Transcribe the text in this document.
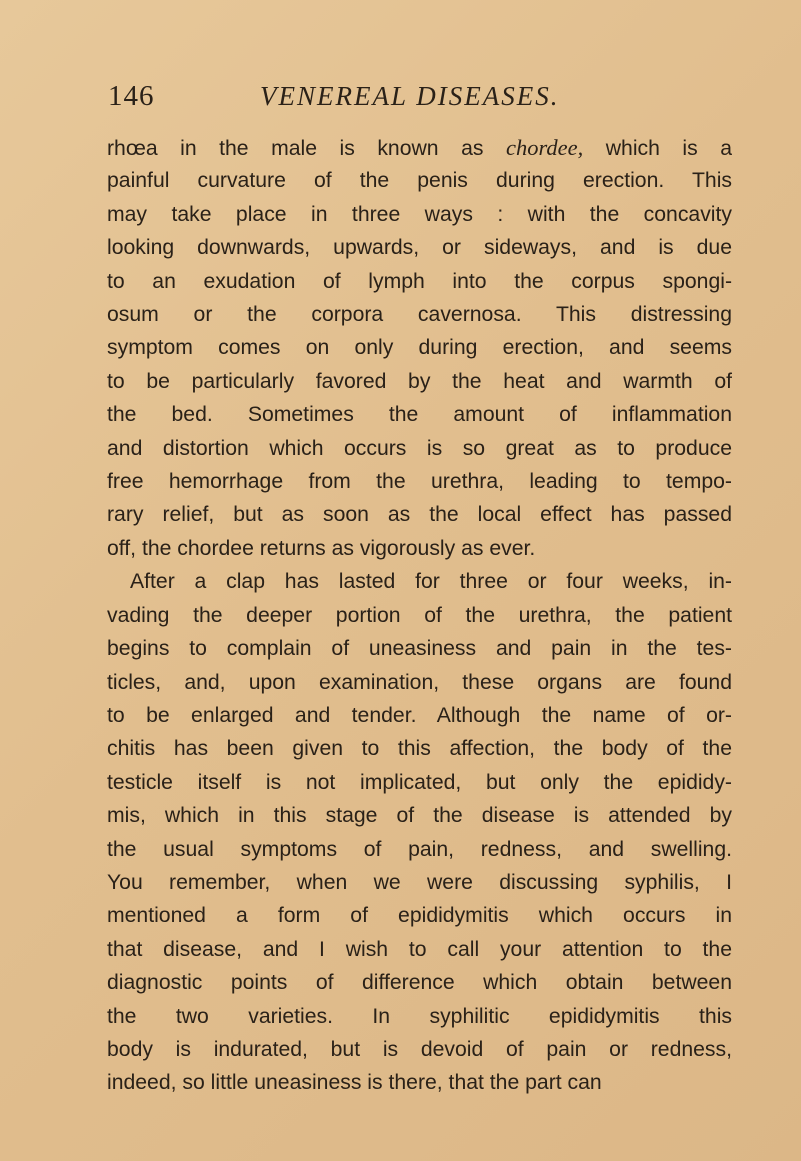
146	VENEREAL DISEASES.
rhœa in the male is known as chordee, which is a
painful curvature of the penis during erection. This
may take place in three ways : with the concavity
looking downwards, upwards, or sideways, and is due
to an exudation of lymph into the corpus spongi-
osum or the corpora cavernosa. This distressing
symptom comes on only during erection, and seems
to be particularly favored by the heat and warmth of
the bed. Sometimes the amount of inflammation
and distortion which occurs is so great as to produce
free hemorrhage from the urethra, leading to tempo-
rary relief, but as soon as the local effect has passed
off, the chordee returns as vigorously as ever.
After a clap has lasted for three or four weeks, in-
vading the deeper portion of the urethra, the patient
begins to complain of uneasiness and pain in the tes-
ticles, and, upon examination, these organs are found
to be enlarged and tender. Although the name of or-
chitis has been given to this affection, the body of the
testicle itself is not implicated, but only the epididy-
mis, which in this stage of the disease is attended by
the usual symptoms of pain, redness, and swelling.
You remember, when we were discussing syphilis, I
mentioned a form of epididymitis which occurs in
that disease, and I wish to call your attention to the
diagnostic points of difference which obtain between
the two varieties. In syphilitic epididymitis this
body is indurated, but is devoid of pain or redness,
indeed, so little uneasiness is there, that the part can
